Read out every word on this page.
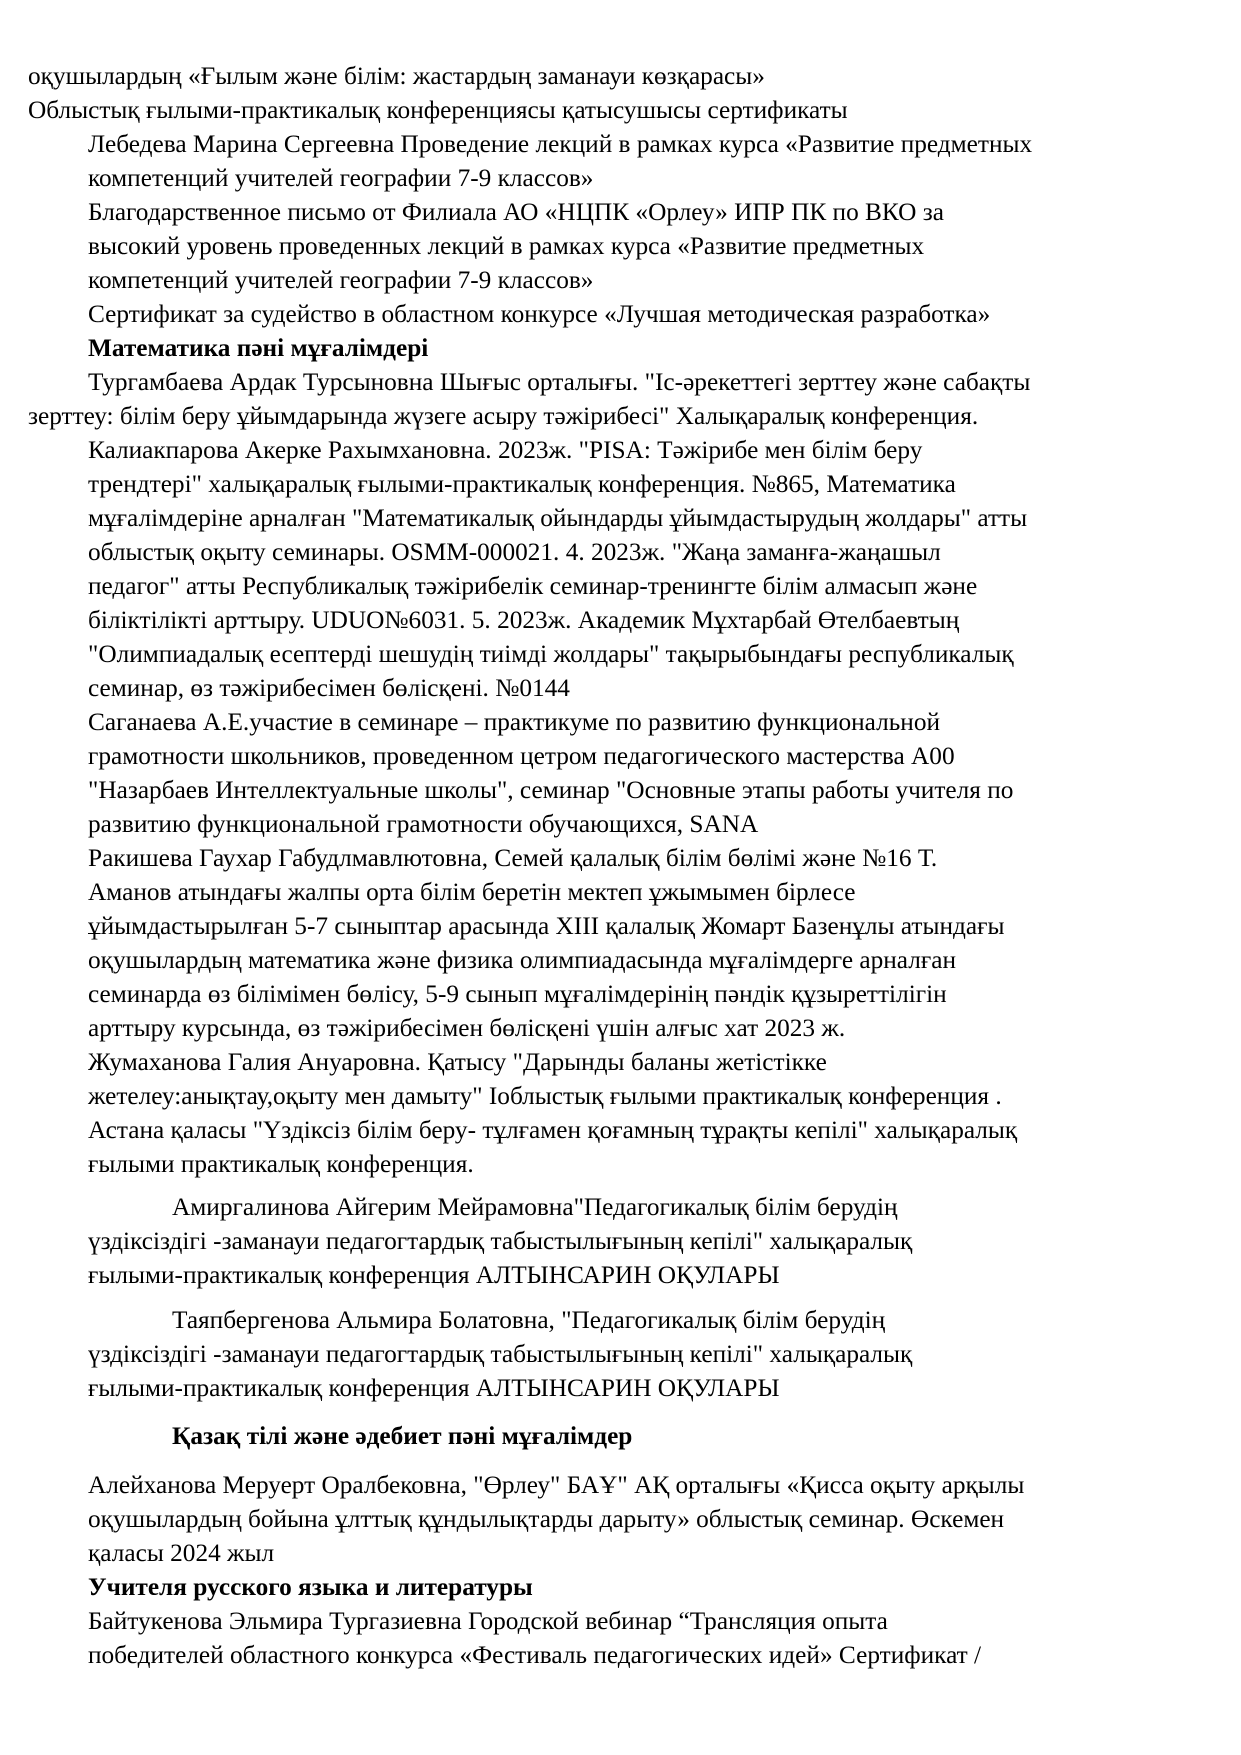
оқушылардың «Ғылым және білім: жастардың заманауи көзқарасы»
Облыстық ғылыми-практикалық конференциясы қатысушысы сертификаты
Лебедева Марина Сергеевна Проведение лекций в рамках курса «Развитие предметных
компетенций учителей географии 7-9 классов»
Благодарственное письмо от Филиала АО «НЦПК «Орлеу» ИПР ПК по ВКО за
высокий уровень проведенных лекций в рамках курса «Развитие предметных
компетенций учителей географии 7-9 классов»
Сертификат за судейство в областном конкурсе «Лучшая методическая разработка»
Математика пәні мұғалімдері
Тургамбаева Ардак Турсыновна Шығыс орталығы. "Іс-әрекеттегі зерттеу және сабақты
зерттеу: білім беру ұйымдарында жүзеге асыру тәжірибесі" Халықаралық конференция.
Калиакпарова Акерке Рахымхановна. 2023ж. "PISA: Тәжірибе мен білім беру
трендтері" халықаралық ғылыми-практикалық конференция. №865, Математика
мұғалімдеріне арналған "Математикалық ойындарды ұйымдастырудың жолдары" атты
облыстық оқыту семинары. OSMM-000021. 4. 2023ж. "Жаңа заманға-жаңашыл
педагог" атты Республикалық тәжірибелік семинар-тренингте білім алмасып және
біліктілікті арттыру. UDUO№6031. 5. 2023ж. Академик Мұхтарбай Өтелбаевтың
"Олимпиадалық есептерді шешудің тиімді жолдары" тақырыбындағы республикалық
семинар, өз тәжірибесімен бөлісқені. №0144
Саганаева А.Е.участие в семинаре – практикуме по развитию функциональной
грамотности школьников, проведенном цетром педагогического мастерства А00
"Назарбаев Интеллектуальные школы", семинар "Основные этапы работы учителя по
развитию функциональной грамотности обучающихся, SANA
Ракишева Гаухар Габудлмавлютовна, Семей қалалық білім бөлімі және №16 Т.
Аманов атындағы жалпы орта білім беретін мектеп ұжымымен бірлесе
ұйымдастырылған 5-7 сыныптар арасында XIII қалалық Жомарт Базенұлы атындағы
оқушылардың математика және физика олимпиадасында мұғалімдерге арналған
семинарда өз білімімен бөлісу, 5-9 сынып мұғалімдерінің пәндік құзыреттілігін
арттыру курсында, өз тәжірибесімен бөлісқені үшін алғыс хат 2023 ж.
Жумаханова Галия Ануаровна. Қатысу "Дарынды баланы жетістікке
жетелеу:анықтау,оқыту мен дамыту" Іоблыстық ғылыми практикалық конференция .
Астана қаласы "Үздіксіз білім беру- тұлғамен қоғамның тұрақты кепілі" халықаралық
ғылыми практикалық конференция.
Амиргалинова Айгерим Мейрамовна"Педагогикалық білім берудің
үздіксіздігі -заманауи педагогтардық табыстылығының кепілі" халықаралық
ғылыми-практикалық конференция АЛТЫНСАРИН ОҚУЛАРЫ
Таяпбергенова Альмира Болатовна, "Педагогикалық білім берудің
үздіксіздігі -заманауи педагогтардық табыстылығының кепілі" халықаралық
ғылыми-практикалық конференция АЛТЫНСАРИН ОҚУЛАРЫ
Қазақ тілі және әдебиет пәні мұғалімдер
Алейханова Меруерт Оралбековна, "Өрлеу" БАҰ" АҚ орталығы «Қисса оқыту арқылы
оқушылардың бойына ұлттық құндылықтарды дарыту» облыстық семинар. Өскемен
қаласы 2024 жыл
Учителя русского языка и литературы
Байтукенова Эльмира Тургазиевна Городской вебинар “Трансляция опыта
победителей областного конкурса «Фестиваль педагогических идей» Сертификат /
